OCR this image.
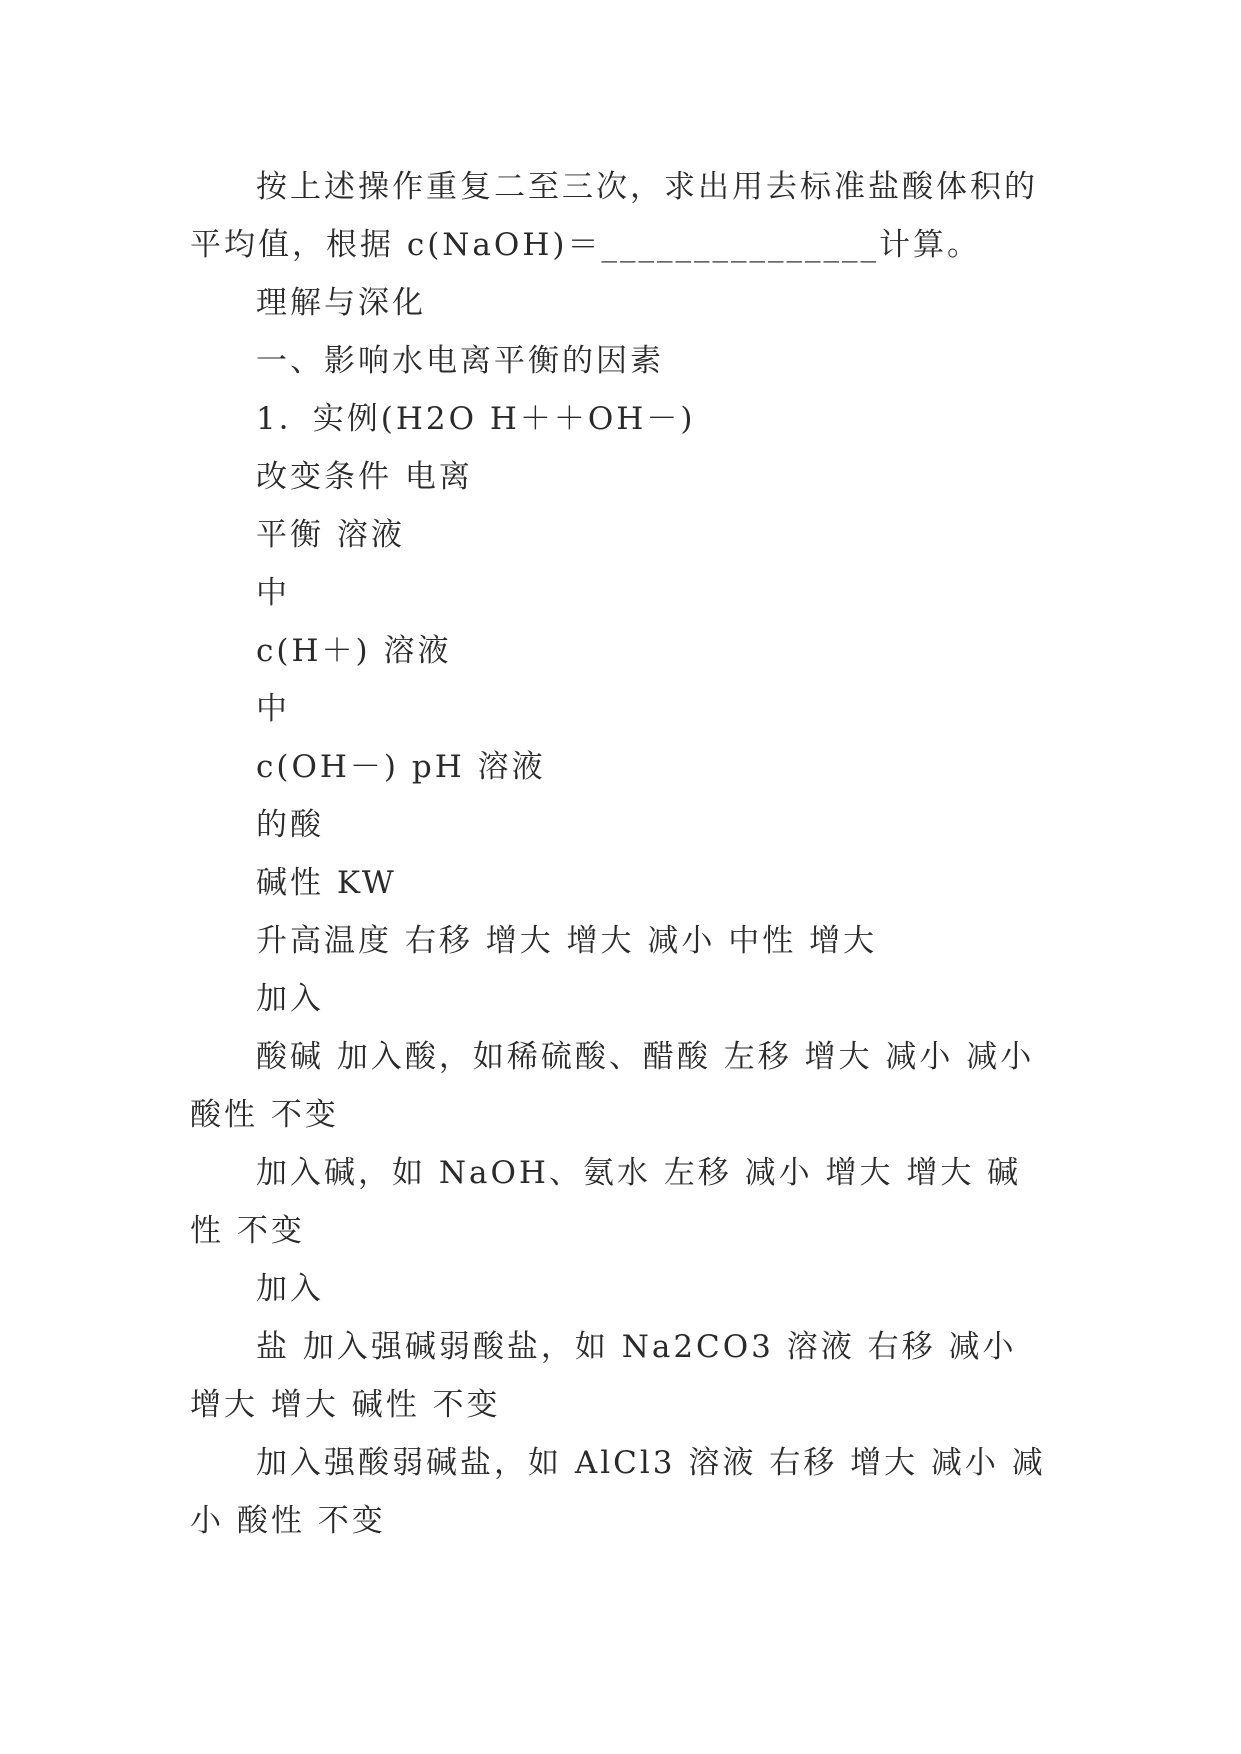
按上述操作重复二至三次，求出用去标准盐酸体积的平均值，根据 c(NaOH)＝_______________计算。

理解与深化

一、影响水电离平衡的因素

1．实例(H2O H＋＋OH－)

改变条件 电离

平衡 溶液

中

c(H＋) 溶液

中

c(OH－) pH 溶液

的酸

碱性 KW

升高温度 右移 增大 增大 减小 中性 增大

加入

酸碱 加入酸，如稀硫酸、醋酸 左移 增大 减小 减小 酸性 不变

加入碱，如 NaOH、氨水 左移 减小 增大 增大 碱性 不变

加入

盐 加入强碱弱酸盐，如 Na2CO3 溶液 右移 减小 增大 增大 碱性 不变

加入强酸弱碱盐，如 AlCl3 溶液 右移 增大 减小 减小 酸性 不变
